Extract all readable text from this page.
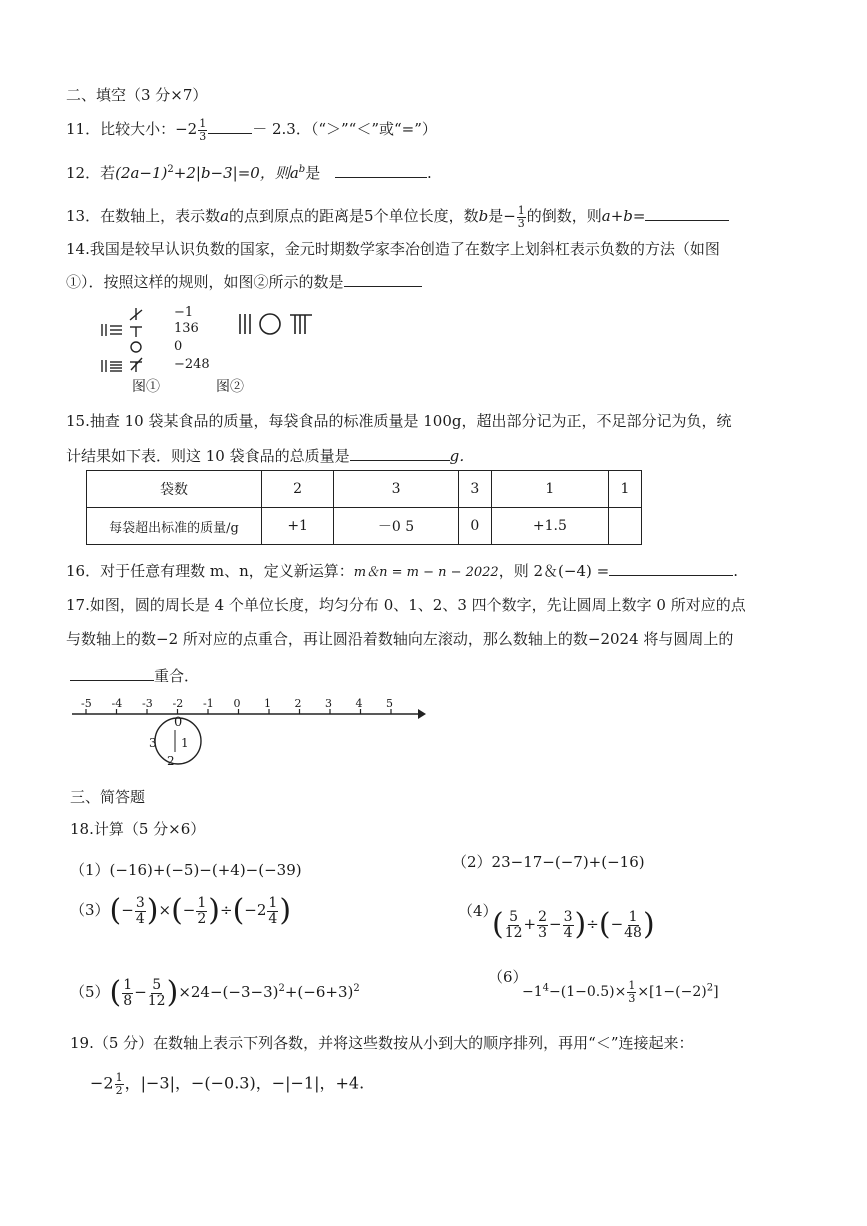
二、填空（3 分×7）
11．比较大小：$-2 \frac{1}{3}$	－ 2.3．（“＞”“＜”或“=”）
12．若$(2a-1)^2+2|b-3|=0$，则$a^b$是	.
13．在数轴上，表示数a的点到原点的距离是5个单位长度，数b是− $\frac{1}{3}$ 的倒数，则a+b=
14.我国是较早认识负数的国家，金元时期数学家李冶创造了在数字上划斜杠表示负数的方法（如图
①）．按照这样的规则，如图②所示的数是
−1
136
0
−248
图①	图②
15.抽查 10 袋某食品的质量，每袋食品的标准质量是 100g，超出部分记为正，不足部分记为负，统
计结果如下表．则这 10 袋食品的总质量是	g．
袋数	2	3	3	1	1
每袋超出标准的质量/g	+1	－0 5	0	+1.5	
16．对于任意有理数 m、n，定义新运算：m＆n = m − n − 2022，则 2＆(−4) =	.
17.如图，圆的周长是 4 个单位长度，均匀分布 0、1、2、3 四个数字，先让圆周上数字 0 所对应的点
与数轴上的数−2 所对应的点重合，再让圆沿着数轴向左滚动，那么数轴上的数−2024 将与圆周上的
重合．
-5 -4 -3 -2 -1 0 1 2 3 4 5
0
1
2
3
三、简答题
18.计算（5 分×6）
（1）(−16)+(−5)−(+4)−(−39)	（2）23−17−(−7)+(−16)
$(3)(- \frac{3}{4}$ )×(− $\frac{1}{2} )\div(-2 \frac{1}{4}$ )	（4）
( $\frac{5}{12} + \frac{2}{3} - \frac{3}{4}$ )÷(− $\frac{1}{48}$ )
$(5)( \frac{1}{8} - \frac{5}{12} )\times 24-(-3-3)^2+(-6+3)^2$
（6）
$-1^4-(1-0.5)\times \frac{1}{3} \times[1-(-2)^2]$
19.（5 分）在数轴上表示下列各数，并将这些数按从小到大的顺序排列，再用“＜”连接起来：
$-2 \frac{1}{2}$ ，|−3|，−(−0.3)，−|−1|，+4.
